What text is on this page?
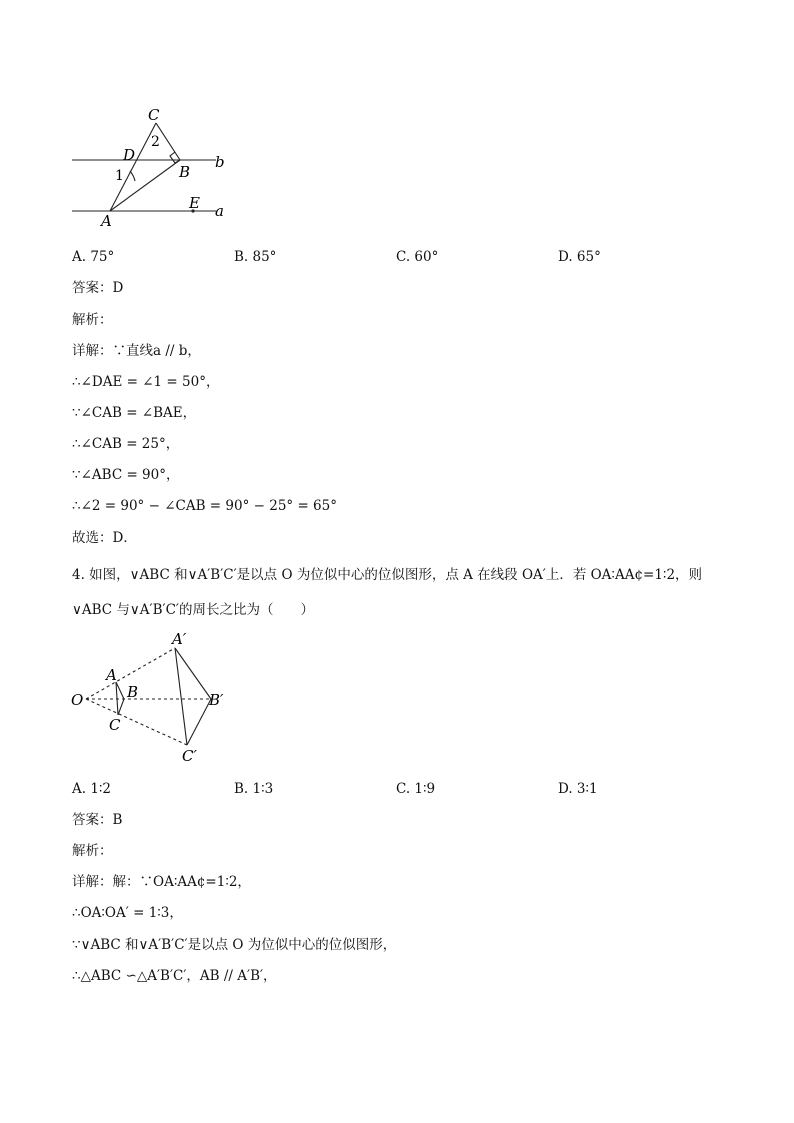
C
2
D
B
b
1
E
A
a
A. 75°	B. 85°	C. 60°	D. 65°
答案：D
解析：
详解：∵直线a // b，
∴∠DAE = ∠1 = 50°，
∵∠CAB = ∠BAE，
∴∠CAB = 25°，
∵∠ABC = 90°，
∴∠2 = 90° − ∠CAB = 90° − 25° = 65°
故选：D．
4. 如图，∨ABC 和∨A′B′C′是以点 O 为位似中心的位似图形，点 A 在线段 OA′上．若 OA∶AA¢=1∶2，则
∨ABC 与∨A′B′C′的周长之比为（　　）
A′
A
B
O	B′
C
C′
A. 1∶2	B. 1∶3	C. 1∶9	D. 3∶1
答案：B
解析：
详解：解：∵OA∶AA¢=1∶2，
∴OA∶OA′ = 1∶3，
∵∨ABC 和∨A′B′C′是以点 O 为位似中心的位似图形，
∴△ABC ∽△A′B′C′，AB // A′B′，
